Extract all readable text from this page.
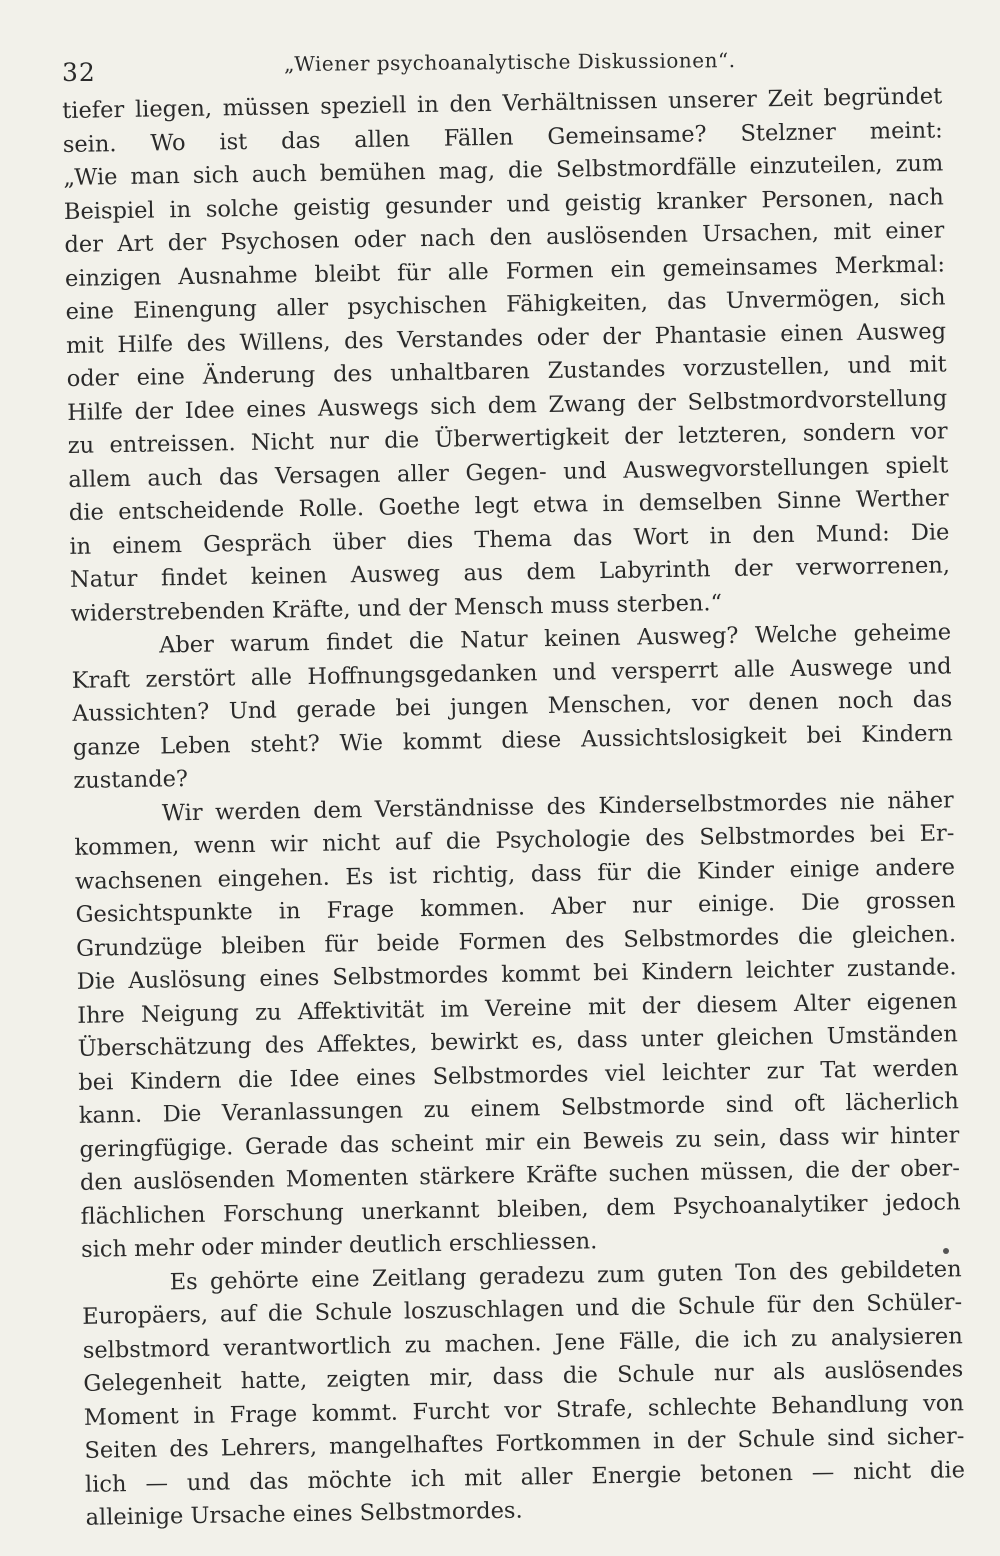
32	„Wiener psychoanalytische Diskussionen“.
tiefer liegen, müssen speziell in den Verhältnissen unserer Zeit begründet
sein. Wo ist das allen Fällen Gemeinsame? Stelzner meint:
„Wie man sich auch bemühen mag, die Selbstmordfälle einzuteilen, zum
Beispiel in solche geistig gesunder und geistig kranker Personen, nach
der Art der Psychosen oder nach den auslösenden Ursachen, mit einer
einzigen Ausnahme bleibt für alle Formen ein gemeinsames Merkmal:
eine Einengung aller psychischen Fähigkeiten, das Unvermögen, sich
mit Hilfe des Willens, des Verstandes oder der Phantasie einen Ausweg
oder eine Änderung des unhaltbaren Zustandes vorzustellen, und mit
Hilfe der Idee eines Auswegs sich dem Zwang der Selbstmordvorstellung
zu entreissen. Nicht nur die Überwertigkeit der letzteren, sondern vor
allem auch das Versagen aller Gegen- und Auswegvorstellungen spielt
die entscheidende Rolle. Goethe legt etwa in demselben Sinne Werther
in einem Gespräch über dies Thema das Wort in den Mund: Die
Natur findet keinen Ausweg aus dem Labyrinth der verworrenen,
widerstrebenden Kräfte, und der Mensch muss sterben.“
Aber warum findet die Natur keinen Ausweg? Welche geheime
Kraft zerstört alle Hoffnungsgedanken und versperrt alle Auswege und
Aussichten? Und gerade bei jungen Menschen, vor denen noch das
ganze Leben steht? Wie kommt diese Aussichtslosigkeit bei Kindern
zustande?
Wir werden dem Verständnisse des Kinderselbstmordes nie näher
kommen, wenn wir nicht auf die Psychologie des Selbstmordes bei Er-
wachsenen eingehen. Es ist richtig, dass für die Kinder einige andere
Gesichtspunkte in Frage kommen. Aber nur einige. Die grossen
Grundzüge bleiben für beide Formen des Selbstmordes die gleichen.
Die Auslösung eines Selbstmordes kommt bei Kindern leichter zustande.
Ihre Neigung zu Affektivität im Vereine mit der diesem Alter eigenen
Überschätzung des Affektes, bewirkt es, dass unter gleichen Umständen
bei Kindern die Idee eines Selbstmordes viel leichter zur Tat werden
kann. Die Veranlassungen zu einem Selbstmorde sind oft lächerlich
geringfügige. Gerade das scheint mir ein Beweis zu sein, dass wir hinter
den auslösenden Momenten stärkere Kräfte suchen müssen, die der ober-
flächlichen Forschung unerkannt bleiben, dem Psychoanalytiker jedoch
sich mehr oder minder deutlich erschliessen.
Es gehörte eine Zeitlang geradezu zum guten Ton des gebildeten
Europäers, auf die Schule loszuschlagen und die Schule für den Schüler-
selbstmord verantwortlich zu machen. Jene Fälle, die ich zu analysieren
Gelegenheit hatte, zeigten mir, dass die Schule nur als auslösendes
Moment in Frage kommt. Furcht vor Strafe, schlechte Behandlung von
Seiten des Lehrers, mangelhaftes Fortkommen in der Schule sind sicher-
lich — und das möchte ich mit aller Energie betonen — nicht die
alleinige Ursache eines Selbstmordes.
